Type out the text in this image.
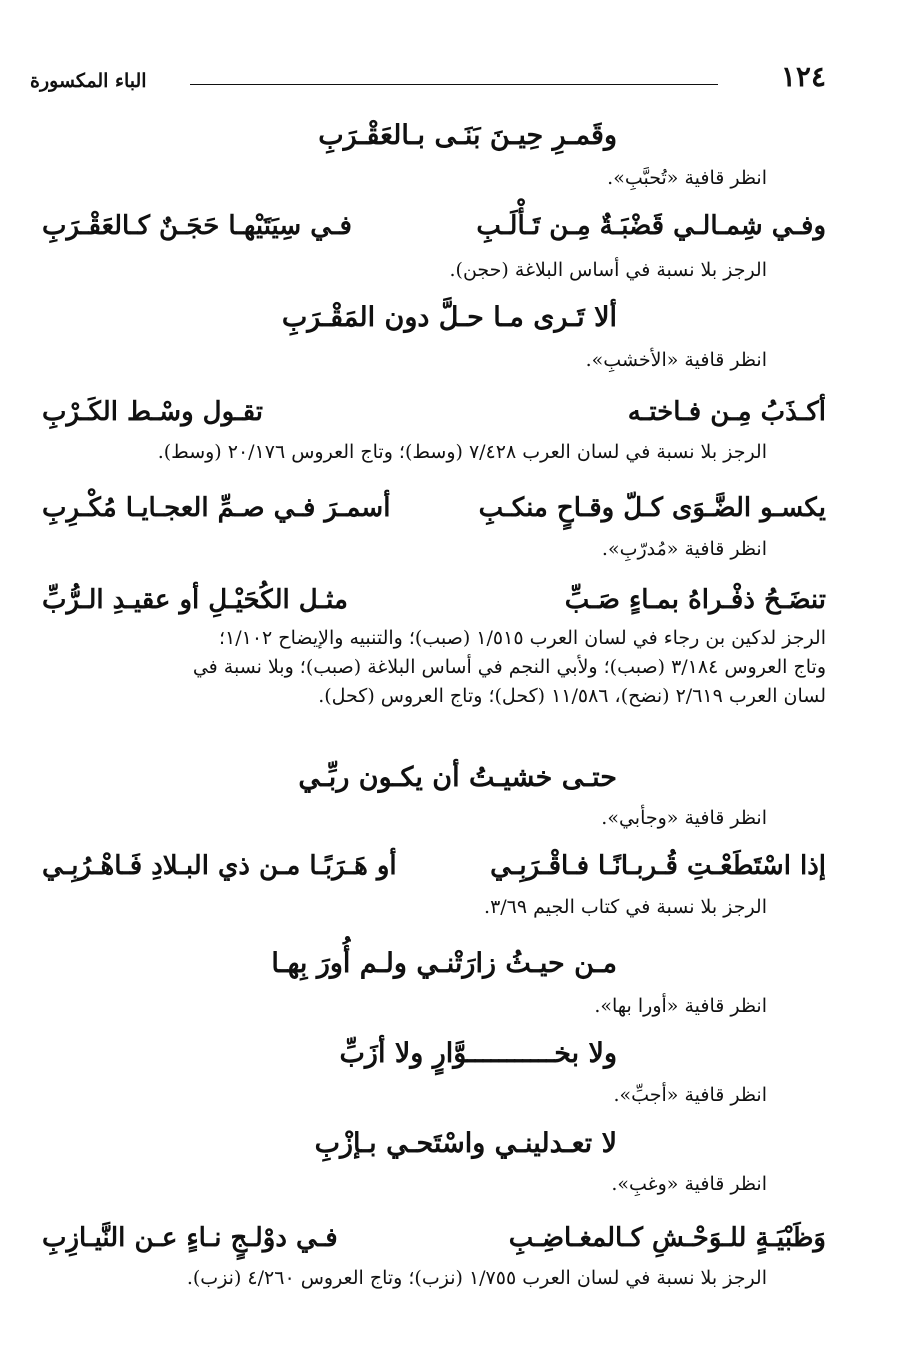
١٢٤
الباء المكسورة
وقَمـرِ حِيـنَ بَنَـى بـالعَقْـرَبِ
انظر قافية «تُحبَّبِ».
وفـي شِمـالـي قَضْبَـةٌ مِـن تَـأْلَـبِ
فـي سِيَتَيْهـا حَجَـنٌ كـالعَقْـرَبِ
الرجز بلا نسبة في أساس البلاغة (حجن).
ألا تَـرى مـا حـلَّ دون المَقْـرَبِ
انظر قافية «الأخشبِ».
أكـذَبُ مِـن فـاختـه
تقـول وسْـط الكَـرْبِ
الرجز بلا نسبة في لسان العرب ٧/٤٢٨ (وسط)؛ وتاج العروس ٢٠/١٧٦ (وسط).
يكسـو الضَّـوَى كـلّ وقـاحٍ منكـبِ
أسمـرَ فـي صـمِّ العجـايـا مُكْـرِبِ
انظر قافية «مُدرّبِ».
تنضَـحُ ذفْـراهُ بمـاءٍ صَـبِّ
مثـل الكُحَيْـلِ أو عقيـدِ الـرُّبِّ
الرجز لدكين بن رجاء في لسان العرب ١/٥١٥ (صبب)؛ والتنبيه والإيضاح ١/١٠٢؛
وتاج العروس ٣/١٨٤ (صبب)؛ ولأبي النجم في أساس البلاغة (صبب)؛ وبلا نسبة في
لسان العرب ٢/٦١٩ (نضح)، ١١/٥٨٦ (كحل)؛ وتاج العروس (كحل).
حتـى خشيـتُ أن يكـون ربِّـي
انظر قافية «وجأبي».
إذا اسْتَطَعْـتِ قُـربـانًـا فـاقْـرَبِـي
أو هَـرَبًـا مـن ذي البـلادِ فَـاهْـرُبِـي
الرجز بلا نسبة في كتاب الجيم ٣/٦٩.
مـن حيـثُ زارَتْنـي ولـم أُورَ بِهـا
انظر قافية «أورا بها».
ولا بخـــــــــــوَّارٍ ولا أزَبِّ
انظر قافية «أجبِّ».
لا تعـدلينـي واسْتَحـي بـإزْبِ
انظر قافية «وغبِ».
وَظَبْيَـةٍ للـوَحْـشِ كـالمغـاضِـبِ
فـي دوْلـجٍ نـاءٍ عـن النَّيـازِبِ
الرجز بلا نسبة في لسان العرب ١/٧٥٥ (نزب)؛ وتاج العروس ٤/٢٦٠ (نزب).
